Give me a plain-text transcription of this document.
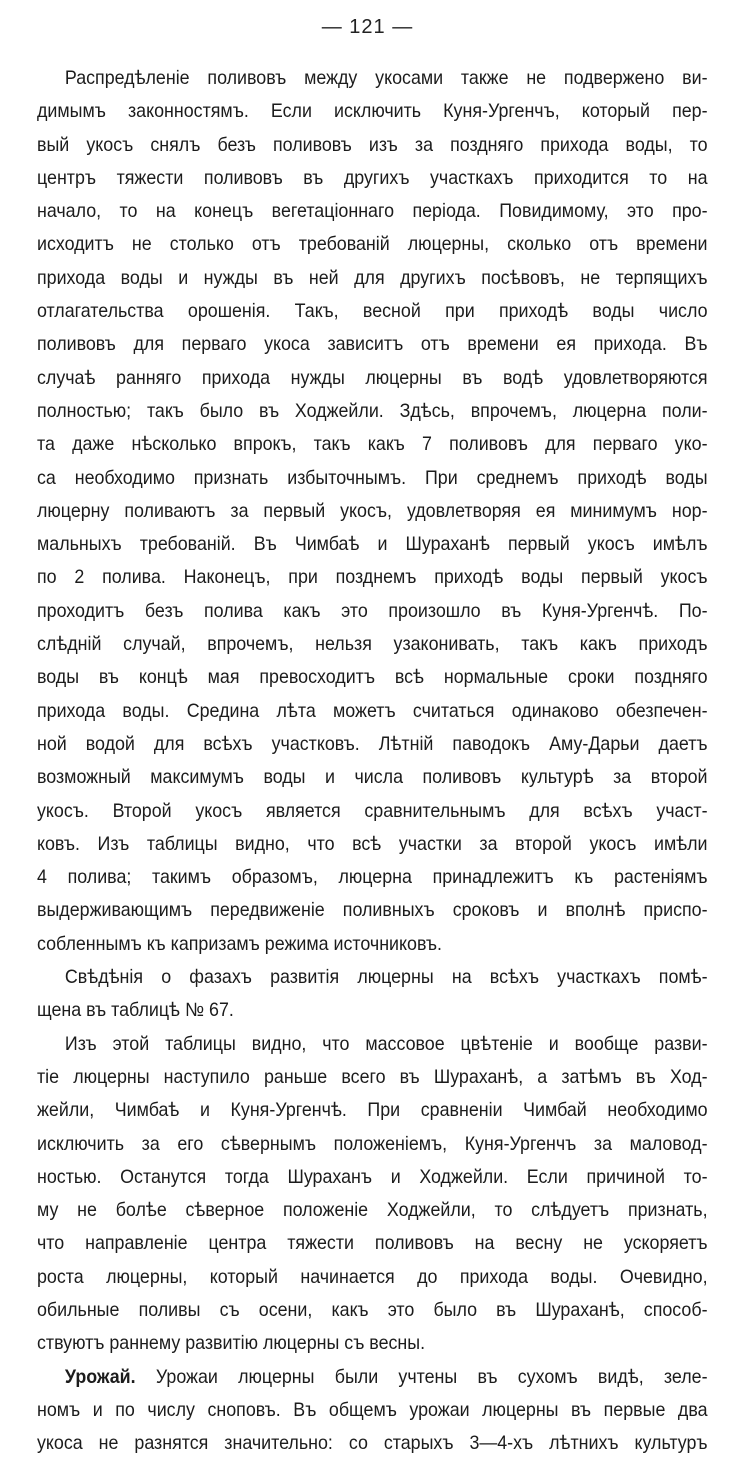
— 121 —
Распредѣленіе поливовъ между укосами также не подвержено ви-
димымъ законностямъ. Если исключить Куня-Ургенчъ, который пер-
вый укосъ снялъ безъ поливовъ изъ за поздняго прихода воды, то
центръ тяжести поливовъ въ другихъ участкахъ приходится то на
начало, то на конецъ вегетаціоннаго періода. Повидимому, это про-
исходитъ не столько отъ требованій люцерны, сколько отъ времени
прихода воды и нужды въ ней для другихъ посѣвовъ, не терпящихъ
отлагательства орошенія. Такъ, весной при приходѣ воды число
поливовъ для перваго укоса зависитъ отъ времени ея прихода. Въ
случаѣ ранняго прихода нужды люцерны въ водѣ удовлетворяются
полностью; такъ было въ Ходжейли. Здѣсь, впрочемъ, люцерна поли-
та даже нѣсколько впрокъ, такъ какъ 7 поливовъ для перваго уко-
са необходимо признать избыточнымъ. При среднемъ приходѣ воды
люцерну поливаютъ за первый укосъ, удовлетворяя ея минимумъ нор-
мальныхъ требованій. Въ Чимбаѣ и Шураханѣ первый укосъ имѣлъ
по 2 полива. Наконецъ, при позднемъ приходѣ воды первый укосъ
проходитъ безъ полива какъ это произошло въ Куня-Ургенчѣ. По-
слѣдній случай, впрочемъ, нельзя узаконивать, такъ какъ приходъ
воды въ концѣ мая превосходитъ всѣ нормальные сроки поздняго
прихода воды. Средина лѣта можетъ считаться одинаково обезпечен-
ной водой для всѣхъ участковъ. Лѣтній паводокъ Аму-Дарьи даетъ
возможный максимумъ воды и числа поливовъ культурѣ за второй
укосъ. Второй укосъ является сравнительнымъ для всѣхъ участ-
ковъ. Изъ таблицы видно, что всѣ участки за второй укосъ имѣли
4 полива; такимъ образомъ, люцерна принадлежитъ къ растеніямъ
выдерживающимъ передвиженіе поливныхъ сроковъ и вполнѣ приспо-
собленнымъ къ капризамъ режима источниковъ.
Свѣдѣнія о фазахъ развитія люцерны на всѣхъ участкахъ помѣ-
щена въ таблицѣ № 67.
Изъ этой таблицы видно, что массовое цвѣтеніе и вообще разви-
тіе люцерны наступило раньше всего въ Шураханѣ, а затѣмъ въ Ход-
жейли, Чимбаѣ и Куня-Ургенчѣ. При сравненіи Чимбай необходимо
исключить за его сѣвернымъ положеніемъ, Куня-Ургенчъ за маловод-
ностью. Останутся тогда Шураханъ и Ходжейли. Если причиной то-
му не болѣе сѣверное положеніе Ходжейли, то слѣдуетъ признать,
что направленіе центра тяжести поливовъ на весну не ускоряетъ
роста люцерны, который начинается до прихода воды. Очевидно,
обильные поливы съ осени, какъ это было въ Шураханѣ, способ-
ствуютъ раннему развитію люцерны съ весны.
Урожай. Урожаи люцерны были учтены въ сухомъ видѣ, зеле-
номъ и по числу сноповъ. Въ общемъ урожаи люцерны въ первые два
укоса не разнятся значительно: со старыхъ 3—4-хъ лѣтнихъ культуръ
